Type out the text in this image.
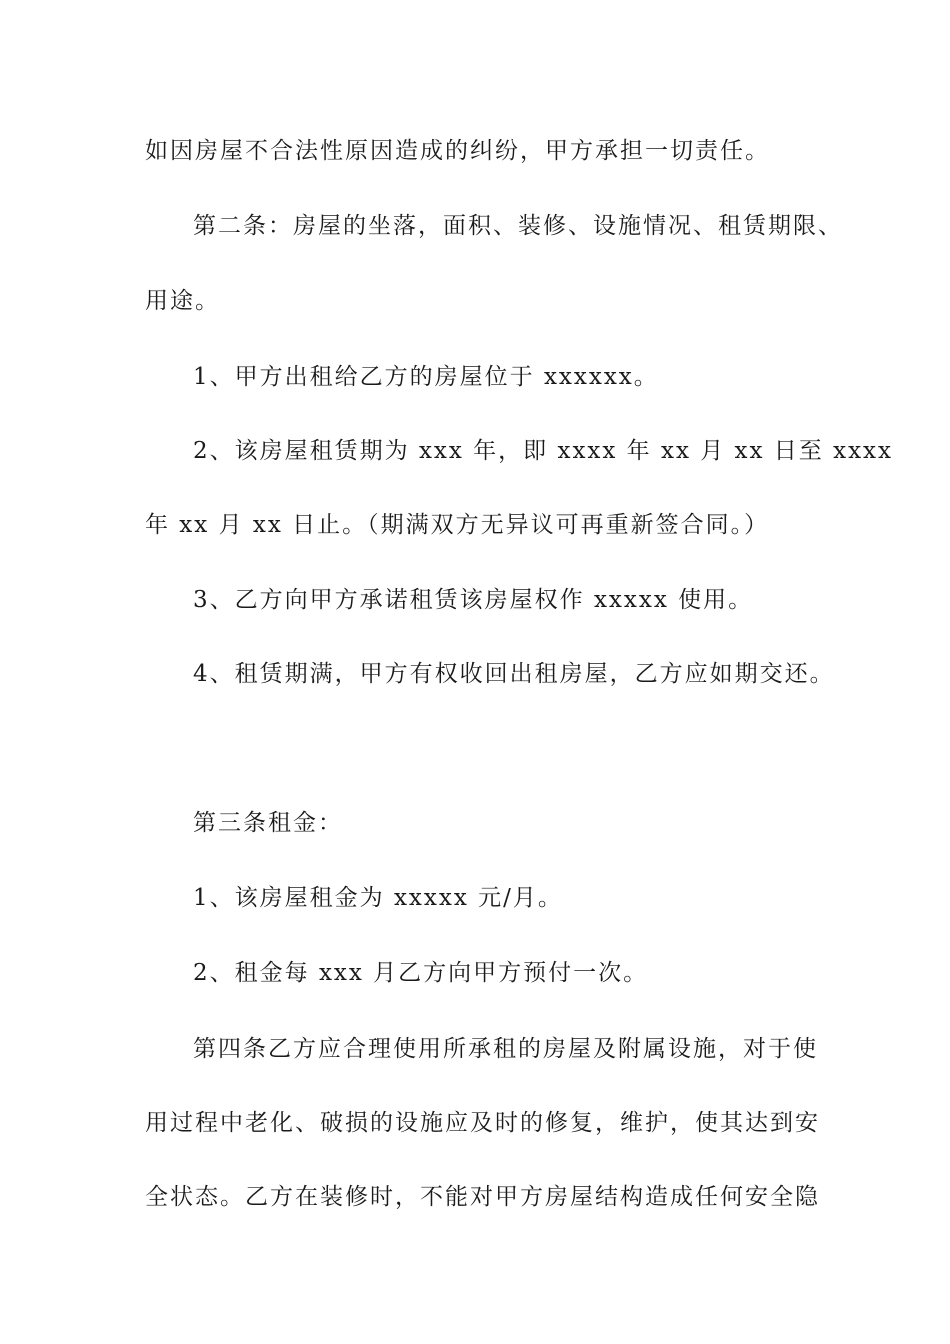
如因房屋不合法性原因造成的纠纷，甲方承担一切责任。
第二条：房屋的坐落，面积、装修、设施情况、租赁期限、
用途。
1、甲方出租给乙方的房屋位于 xxxxxx。
2、该房屋租赁期为 xxx 年，即 xxxx 年 xx 月 xx 日至 xxxx
年 xx 月 xx 日止。（期满双方无异议可再重新签合同。）
3、乙方向甲方承诺租赁该房屋权作 xxxxx 使用。
4、租赁期满，甲方有权收回出租房屋，乙方应如期交还。
第三条租金：
1、该房屋租金为 xxxxx 元/月。
2、租金每 xxx 月乙方向甲方预付一次。
第四条乙方应合理使用所承租的房屋及附属设施，对于使
用过程中老化、破损的设施应及时的修复，维护，使其达到安
全状态。乙方在装修时，不能对甲方房屋结构造成任何安全隐
